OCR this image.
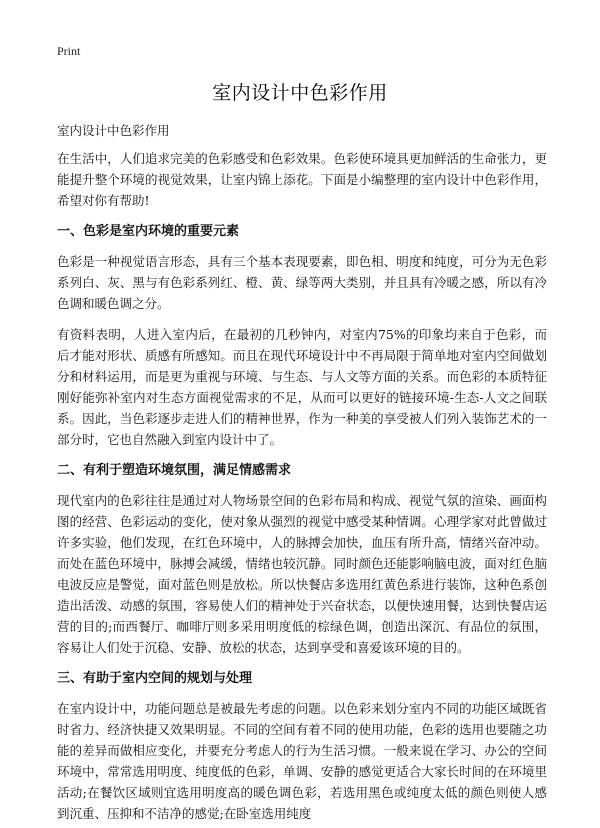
Print
室内设计中色彩作用
室内设计中色彩作用

在生活中，人们追求完美的色彩感受和色彩效果。色彩使环境具更加鲜活的生命张力，更能提升整个环境的视觉效果，让室内锦上添花。下面是小编整理的室内设计中色彩作用，希望对你有帮助!

一、色彩是室内环境的重要元素

色彩是一种视觉语言形态，具有三个基本表现要素，即色相、明度和纯度，可分为无色彩系列白、灰、黑与有色彩系列红、橙、黄、绿等两大类别，并且具有冷暖之感，所以有冷色调和暖色调之分。

有资料表明，人进入室内后，在最初的几秒钟内，对室内75%的印象均来自于色彩，而后才能对形状、质感有所感知。而且在现代环境设计中不再局限于简单地对室内空间做划分和材料运用，而是更为重视与环境、与生态、与人文等方面的关系。而色彩的本质特征刚好能弥补室内对生态方面视觉需求的不足，从而可以更好的链接环境-生态-人文之间联系。因此，当色彩逐步走进人们的精神世界，作为一种美的享受被人们列入装饰艺术的一部分时，它也自然融入到室内设计中了。

二、有利于塑造环境氛围，满足情感需求

现代室内的色彩往往是通过对人物场景空间的色彩布局和构成、视觉气氛的渲染、画面构图的经营、色彩运动的变化，使对象从强烈的视觉中感受某种情调。心理学家对此曾做过许多实验，他们发现，在红色环境中，人的脉搏会加快，血压有所升高，情绪兴奋冲动。而处在蓝色环境中，脉搏会减缓，情绪也较沉静。同时颜色还能影响脑电波，面对红色脑电波反应是警觉，面对蓝色则是放松。所以快餐店多选用红黄色系进行装饰，这种色系创造出活泼、动感的氛围，容易使人们的精神处于兴奋状态，以便快速用餐，达到快餐店运营的目的;而西餐厅、咖啡厅则多采用明度低的棕绿色调，创造出深沉、有品位的氛围，容易让人们处于沉稳、安静、放松的状态，达到享受和喜爱该环境的目的。

三、有助于室内空间的规划与处理

在室内设计中，功能问题总是被最先考虑的问题。以色彩来划分室内不同的功能区域既省时省力、经济快捷又效果明显。不同的空间有着不同的使用功能，色彩的选用也要随之功能的差异而做相应变化，并要充分考虑人的行为生活习惯。一般来说在学习、办公的空间环境中，常常选用明度、纯度低的色彩，单调、安静的感觉更适合大家长时间的在环境里活动;在餐饮区域则宜选用明度高的暖色调色彩，若选用黑色或纯度太低的颜色则使人感到沉重、压抑和不洁净的感觉;在卧室选用纯度
